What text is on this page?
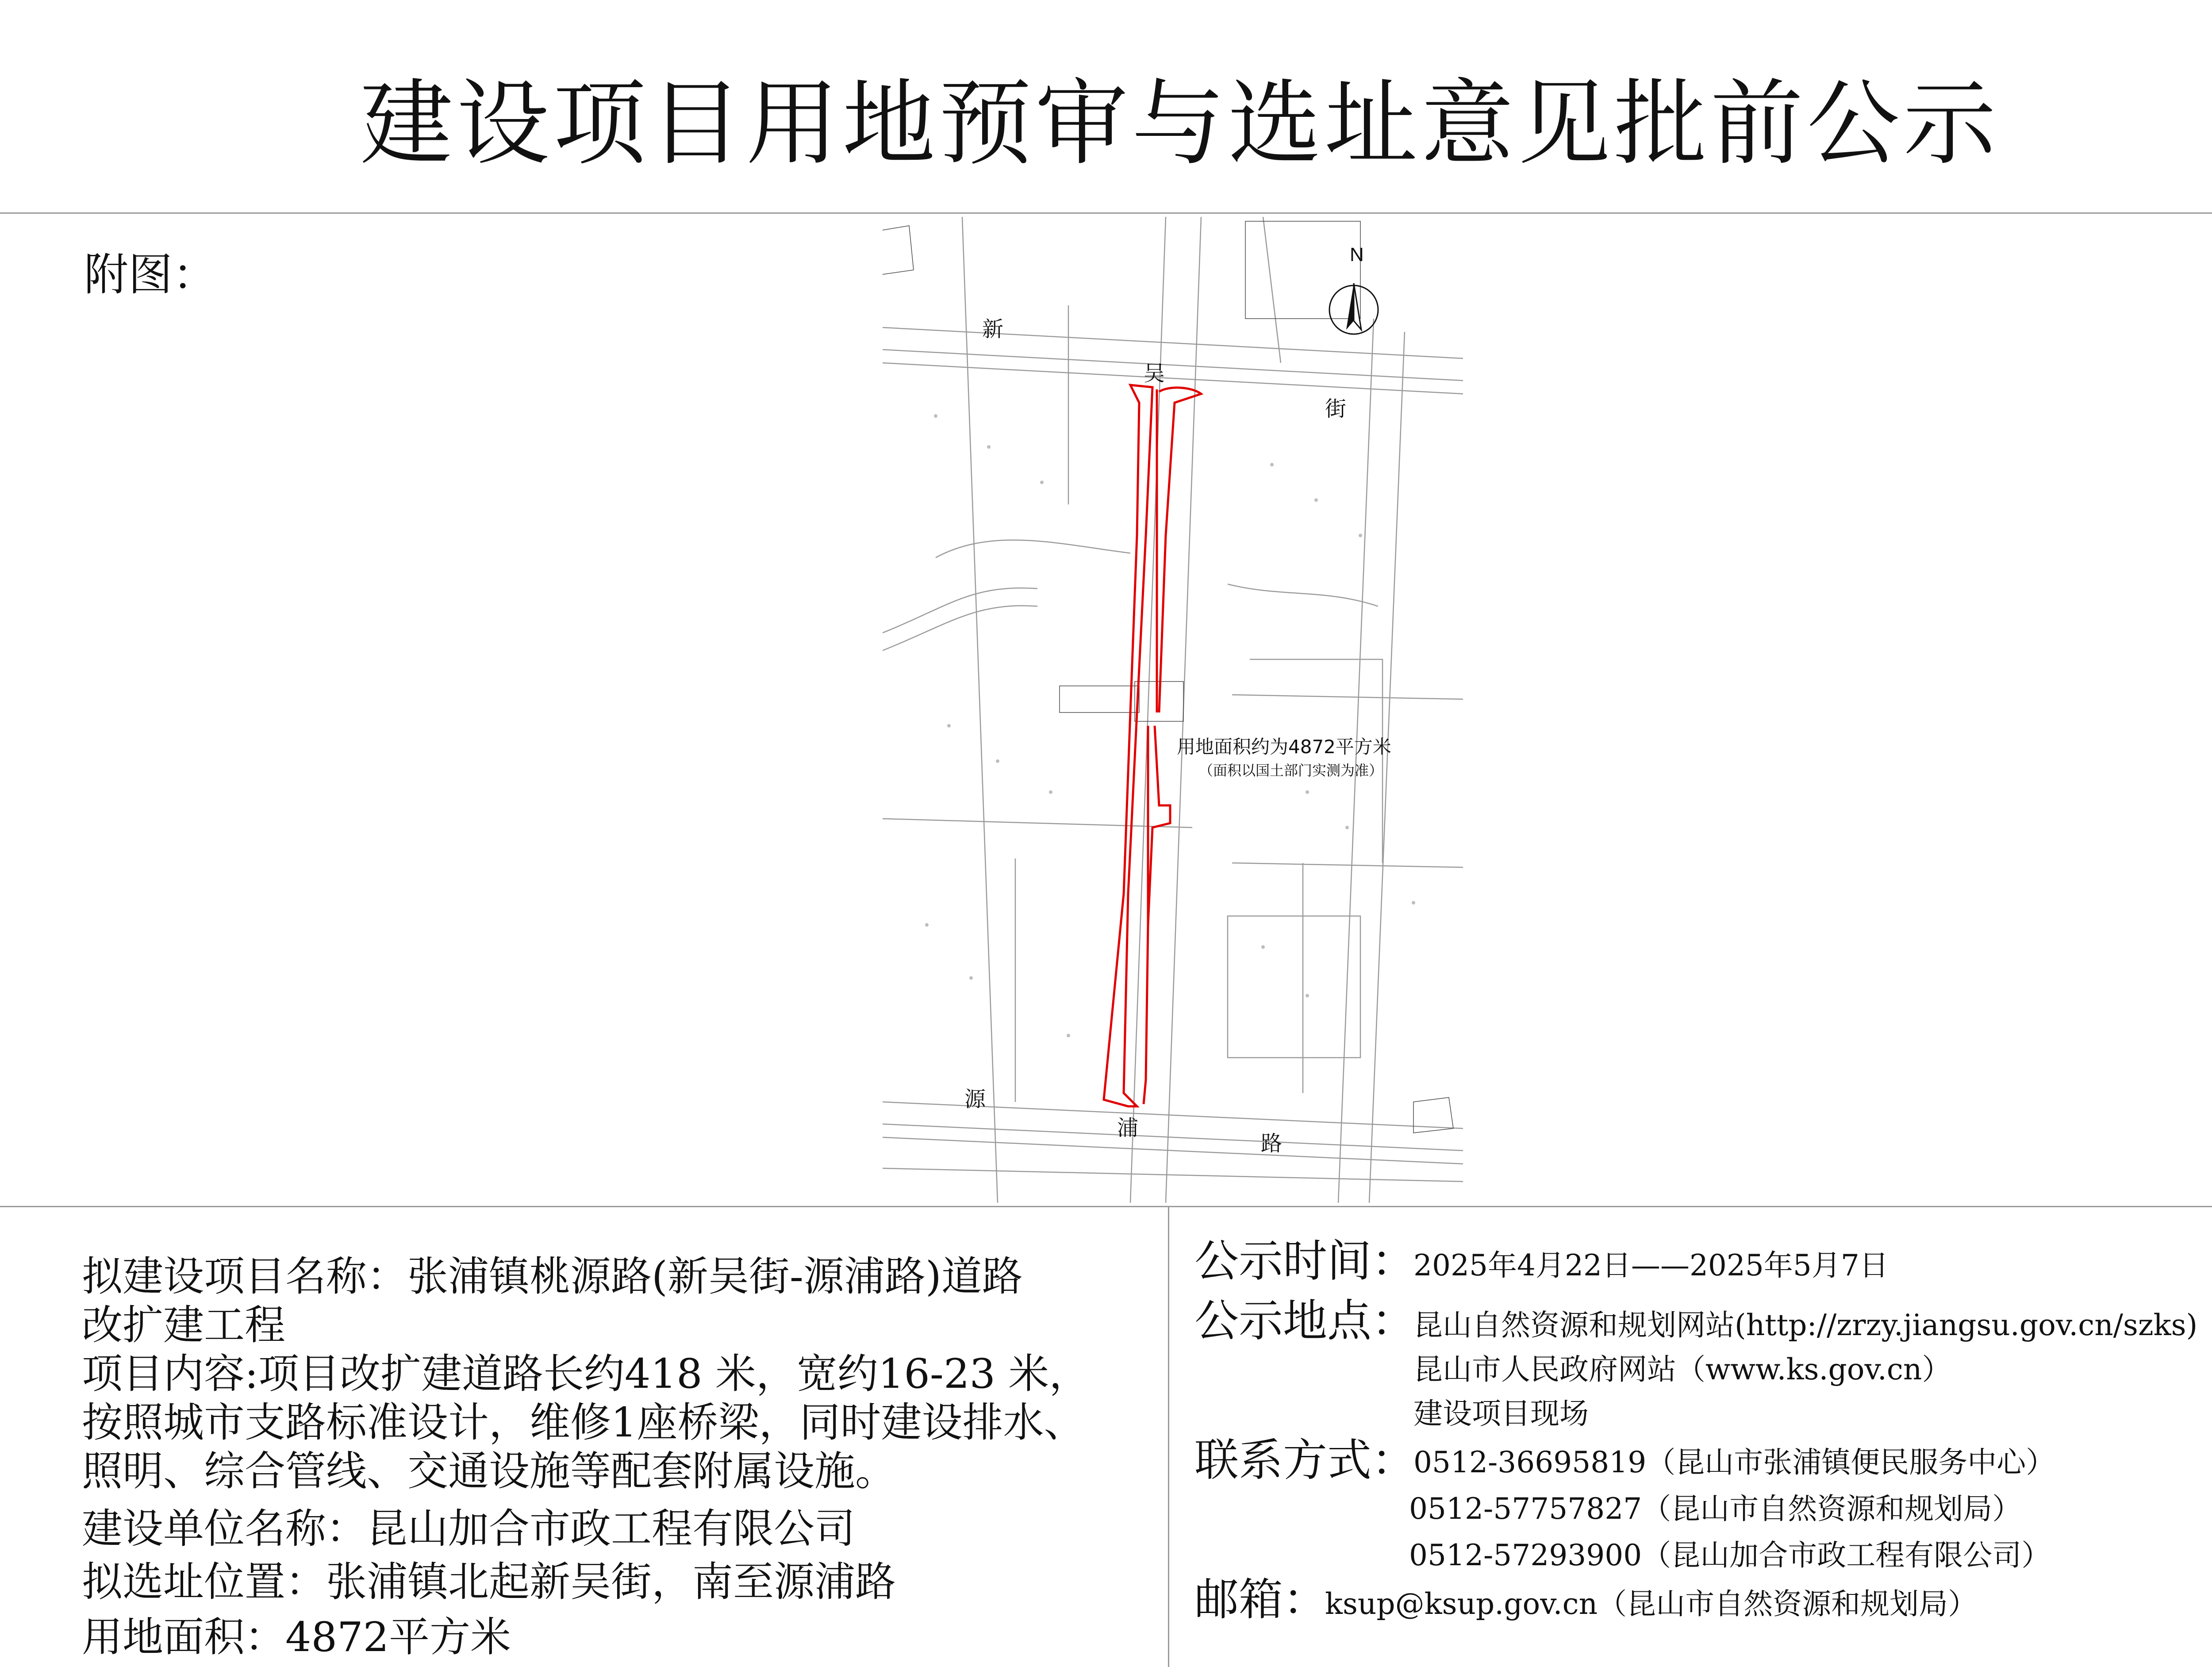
建设项目用地预审与选址意见批前公示
附图：	N
新
吴
街
源
浦
路
用地面积约为4872平方米
（面积以国土部门实测为准）
拟建设项目名称：张浦镇桃源路(新吴街-源浦路)道路
改扩建工程
项目内容:项目改扩建道路长约418 米，宽约16-23 米，
按照城市支路标准设计，维修1座桥梁，同时建设排水、
照明、综合管线、交通设施等配套附属设施。
建设单位名称：昆山加合市政工程有限公司
拟选址位置：张浦镇北起新吴街，南至源浦路
用地面积：4872平方米
公示时间：
2025年4月22日——2025年5月7日
公示地点：
昆山自然资源和规划网站(http://zrzy.jiangsu.gov.cn/szks)
昆山市人民政府网站（www.ks.gov.cn）
建设项目现场
联系方式：
0512-36695819（昆山市张浦镇便民服务中心）
0512-57757827（昆山市自然资源和规划局）
0512-57293900（昆山加合市政工程有限公司）
邮箱：
ksup@ksup.gov.cn（昆山市自然资源和规划局）
